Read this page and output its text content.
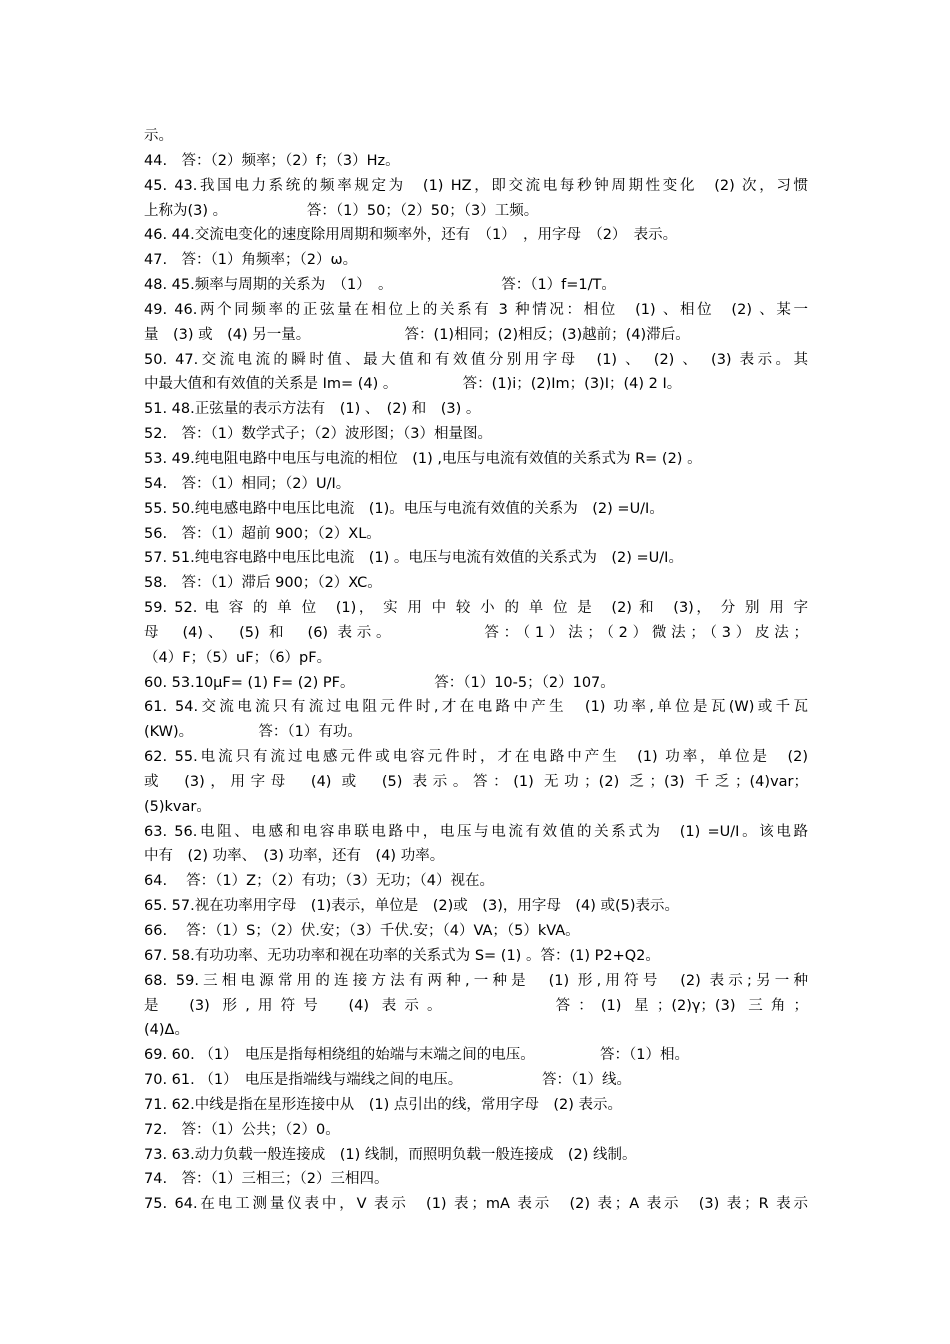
示。
44.　答：（2）频率；（2）f；（3）Hz。
45. 43.我国电力系统的频率规定为　(1) HZ，即交流电每秒钟周期性变化　(2) 次，习惯
上称为(3) 。　　　　　　答：（1）50；（2）50；（3）工频。
46. 44.交流电变化的速度除用周期和频率外，还有　（1）　，用字母　（2）　表示。
47.　答：（1）角频率；（2）ω。
48. 45.频率与周期的关系为　（1）　。　　　　　　　　答：（1）f=1/T。
49. 46.两个同频率的正弦量在相位上的关系有 3 种情况：相位　(1) 、相位　(2) 、某一
量　(3) 或　(4) 另一量。　　　　　　　答：(1)相同；(2)相反；(3)越前；(4)滞后。
50. 47.交流电流的瞬时值、最大值和有效值分别用字母　(1) 、　(2) 、　(3) 表示。其
中最大值和有效值的关系是 Im= (4) 。　　　　　答：(1)i；(2)Im；(3)I；(4) 2 I。
51. 48.正弦量的表示方法有　(1) 、　(2) 和　(3) 。
52.　答：（1）数学式子；（2）波形图；（3）相量图。
53. 49.纯电阻电路中电压与电流的相位　(1) ,电压与电流有效值的关系式为 R= (2) 。
54.　答：（1）相同；（2）U/I。
55. 50.纯电感电路中电压比电流　(1)。电压与电流有效值的关系为　(2) =U/I。
56.　答：（1）超前 900；（2）XL。
57. 51.纯电容电路中电压比电流　(1) 。电压与电流有效值的关系式为　(2) =U/I。
58.　答：（1）滞后 900；（2）XC。
59. 52. 电 容 的 单 位　(1)， 实 用 中 较 小 的 单 位 是　(2) 和　(3)， 分 别 用 字
母　(4)、　(5) 和　(6) 表示。　　　　　答：（1）法；（2）微法；（3）皮法；
（4）F；（5）uF；（6）pF。
60. 53.10μF= (1) F= (2) PF。　　　　　　答：（1）10-5；（2）107。
61. 54.交流电流只有流过电阻元件时,才在电路中产生　(1) 功率,单位是瓦(W)或千瓦
(KW)。　　　　　答：（1）有功。
62. 55.电流只有流过电感元件或电容元件时，才在电路中产生　(1) 功率，单位是　(2)
或　(3)，用字母　(4) 或　(5) 表示。答：(1) 无功；(2) 乏；(3) 千乏；(4)var；
(5)kvar。
63. 56.电阻、电感和电容串联电路中，电压与电流有效值的关系式为　(1) =U/I。该电路
中有　(2) 功率、　(3) 功率，还有　(4) 功率。
64.　 答：（1）Z；（2）有功；（3）无功；（4）视在。
65. 57.视在功率用字母　(1)表示，单位是　(2)或　(3)，用字母　(4) 或(5)表示。
66.　 答：（1）S；（2）伏.安；（3）千伏.安；（4）VA；（5）kVA。
67. 58.有功功率、无功功率和视在功率的关系式为 S= (1) 。答：(1) P2+Q2。
68. 59.三相电源常用的连接方法有两种,一种是　(1) 形,用符号　(2) 表示;另一种
是　(3) 形,用符号　(4) 表示。　　　　　答：(1) 星；(2)γ；(3) 三角；
(4)Δ。
69. 60. （1）　电压是指每相绕组的始端与末端之间的电压。　　　　　答：（1）相。
70. 61. （1）　电压是指端线与端线之间的电压。　　　　　　答：（1）线。
71. 62.中线是指在星形连接中从　(1) 点引出的线，常用字母　(2) 表示。
72.　答：（1）公共；（2）0。
73. 63.动力负载一般连接成　(1) 线制，而照明负载一般连接成　(2) 线制。
74.　答：（1）三相三；（2）三相四。
75. 64.在电工测量仪表中，V 表示　(1) 表；mA 表示　(2) 表；A 表示　(3) 表；R 表示
